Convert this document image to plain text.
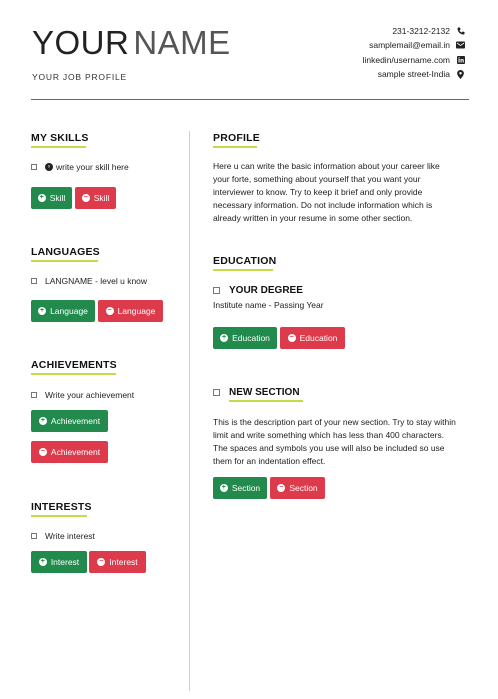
YOUR NAME
YOUR JOB PROFILE
231-3212-2132
samplemail@email.in
linkedin/username.com
sample street-India
MY SKILLS
› write your skill here
+ Skill	− Skill
LANGUAGES
LANGNAME - level u know
+ Language	− Language
ACHIEVEMENTS
Write your achievement
+ Achievement
− Achievement
INTERESTS
Write interest
+ Interest	− Interest
PROFILE
Here u can write the basic information about your career like
your forte, something about yourself that you want your
interviewer to know. Try to keep it brief and only provide
necessary information. Do not include information which is
already written in your resume in some other section.
EDUCATION
YOUR DEGREE
Institute name - Passing Year
+ Education	− Education
NEW SECTION
This is the description part of your new section. Try to stay within
limit and write something which has less than 400 characters.
The spaces and symbols you use will also be included so use
them for an indentation effect.
+ Section	− Section
